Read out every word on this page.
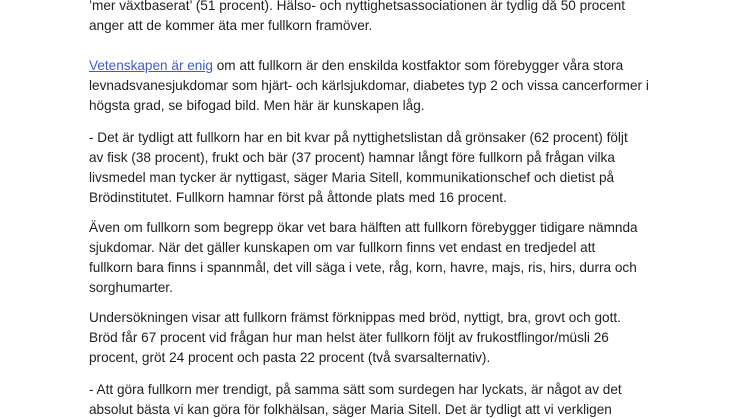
’mer växtbaserat’ (51 procent). Hälso- och nyttighetsassociationen är tydlig då 50 procent
anger att de kommer äta mer fullkorn framöver.

Vetenskapen är enig om att fullkorn är den enskilda kostfaktor som förebygger våra stora
levnadsvanesjukdomar som hjärt- och kärlsjukdomar, diabetes typ 2 och vissa cancerformer i
högsta grad, se bifogad bild. Men här är kunskapen låg.

- Det är tydligt att fullkorn har en bit kvar på nyttighetslistan då grönsaker (62 procent) följt
av fisk (38 procent), frukt och bär (37 procent) hamnar långt före fullkorn på frågan vilka
livsmedel man tycker är nyttigast, säger Maria Sitell, kommunikationschef och dietist på
Brödinstitutet. Fullkorn hamnar först på åttonde plats med 16 procent.

Även om fullkorn som begrepp ökar vet bara hälften att fullkorn förebygger tidigare nämnda
sjukdomar. När det gäller kunskapen om var fullkorn finns vet endast en tredjedel att
fullkorn bara finns i spannmål, det vill säga i vete, råg, korn, havre, majs, ris, hirs, durra och
sorghumarter.

Undersökningen visar att fullkorn främst förknippas med bröd, nyttigt, bra, grovt och gott.
Bröd får 67 procent vid frågan hur man helst äter fullkorn följt av frukostflingor/müsli 26
procent, gröt 24 procent och pasta 22 procent (två svarsalternativ).

- Att göra fullkorn mer trendigt, på samma sätt som surdegen har lyckats, är något av det
absolut bästa vi kan göra för folkhälsan, säger Maria Sitell. Det är tydligt att vi verkligen
